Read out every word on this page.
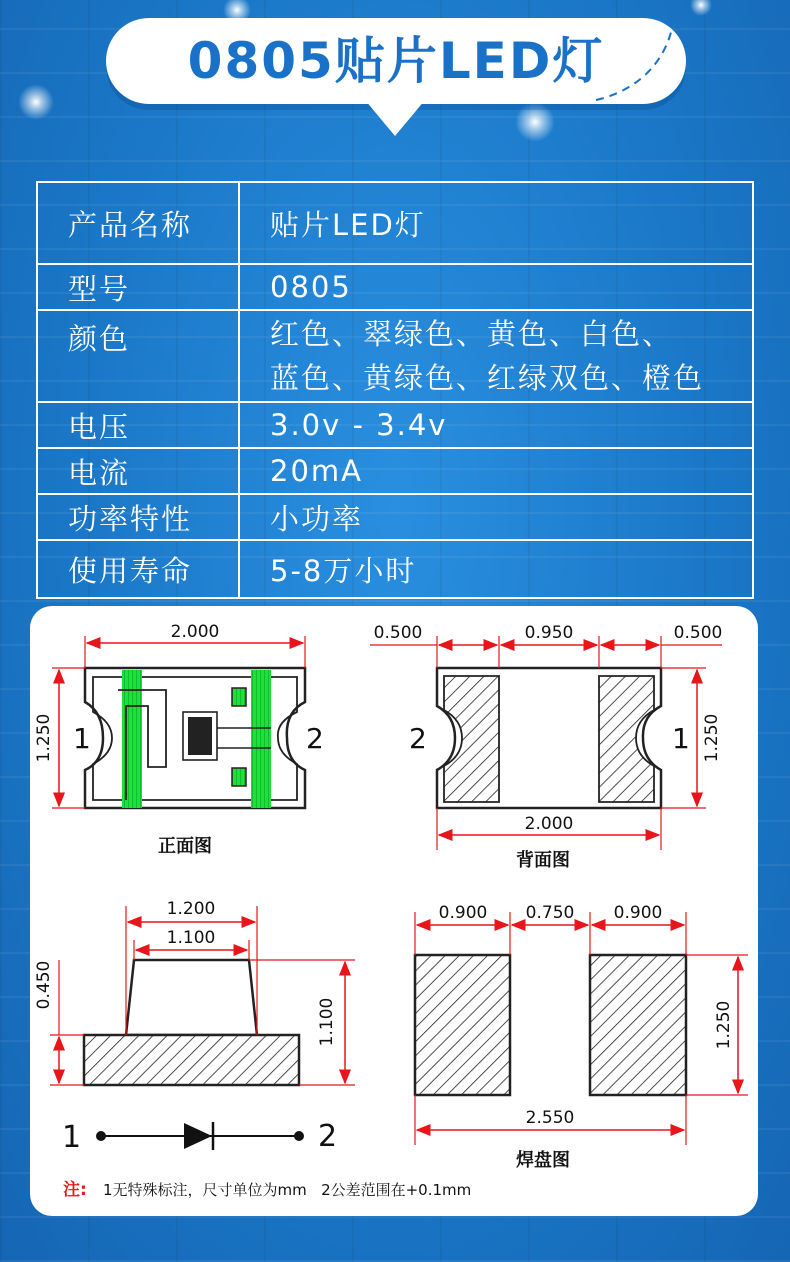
0805贴片LED灯
产品名称	贴片LED灯
型号	0805
颜色	红色、翠绿色、黄色、白色、
蓝色、黄绿色、红绿双色、橙色
电压	3.0v - 3.4v
电流	20mA
功率特性	小功率
使用寿命	5-8万小时
2.000
1.250 1	2
正面图
0.500	0.950	0.500
1.250
2.000
2	1
背面图
1.200
1.100
0.450
1.100
1	2
0.900 0.750 0.900
1.250
2.550
焊盘图
注: 1无特殊标注，尺寸单位为mm   2公差范围在+0.1mm
